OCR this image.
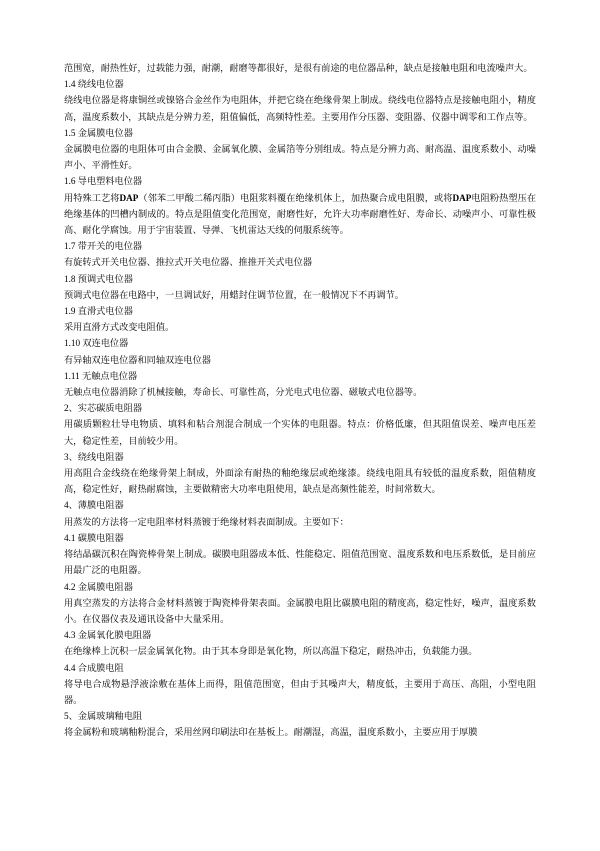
范围宽，耐热性好，过载能力强，耐潮，耐磨等都很好，是很有前途的电位器品种，缺点是接触电阻和电流噪声大。

1.4 绕线电位器

绕线电位器是将康铜丝或镍铬合金丝作为电阻体，并把它绕在绝缘骨架上制成。绕线电位器特点是接触电阻小，精度高，温度系数小，其缺点是分辨力差，阻值偏低，高频特性差。主要用作分压器、变阻器、仪器中调零和工作点等。

1.5 金属膜电位器

金属膜电位器的电阻体可由合金膜、金属氧化膜、金属箔等分别组成。特点是分辨力高、耐高温、温度系数小、动噪声小、平滑性好。

1.6 导电塑料电位器

用特殊工艺将DAP（邻苯二甲酸二稀丙脂）电阻浆料覆在绝缘机体上，加热聚合成电阻膜，或将DAP电阻粉热塑压在绝缘基体的凹槽内制成的。特点是阻值变化范围宽，耐磨性好，允许大功率耐磨性好、寿命长、动噪声小、可靠性极高、耐化学腐蚀。用于宇宙装置、导弹、飞机雷达天线的伺服系统等。

1.7 带开关的电位器

有旋转式开关电位器、推拉式开关电位器、推推开关式电位器

1.8 预调式电位器

预调式电位器在电路中，一旦调试好，用蜡封住调节位置，在一般情况下不再调节。

1.9 直滑式电位器

采用直滑方式改变电阻值。

1.10 双连电位器

有异轴双连电位器和同轴双连电位器

1.11 无触点电位器

无触点电位器消除了机械接触，寿命长、可靠性高，分光电式电位器、磁敏式电位器等。

2、实芯碳质电阻器

用碳质颗粒壮导电物质、填料和粘合剂混合制成一个实体的电阻器。特点：价格低廉，但其阻值误差、噪声电压差大，稳定性差，目前较少用。

3、绕线电阻器

用高阻合金线绕在绝缘骨架上制成，外面涂有耐热的釉绝缘层或绝缘漆。绕线电阻具有较低的温度系数，阻值精度高，稳定性好，耐热耐腐蚀，主要做精密大功率电阻使用，缺点是高频性能差，时间常数大。

4、薄膜电阻器

用蒸发的方法将一定电阻率材料蒸镀于绝缘材料表面制成。主要如下：

4.1 碳膜电阻器

将结晶碳沉积在陶瓷棒骨架上制成。碳膜电阻器成本低、性能稳定、阻值范围宽、温度系数和电压系数低，是目前应用最广泛的电阻器。

4.2 金属膜电阻器

用真空蒸发的方法将合金材料蒸镀于陶瓷棒骨架表面。金属膜电阻比碳膜电阻的精度高，稳定性好，噪声，温度系数小。在仪器仪表及通讯设备中大量采用。

4.3 金属氧化膜电阻器

在绝缘棒上沉积一层金属氧化物。由于其本身即是氧化物，所以高温下稳定，耐热冲击，负载能力强。

4.4 合成膜电阻

将导电合成物悬浮液涂敷在基体上而得，阻值范围宽，但由于其噪声大，精度低，主要用于高压、高阻，小型电阻器。

5、金属玻璃釉电阻

将金属粉和玻璃釉粉混合，采用丝网印刷法印在基板上。耐潮湿，高温，温度系数小，主要应用于厚膜
